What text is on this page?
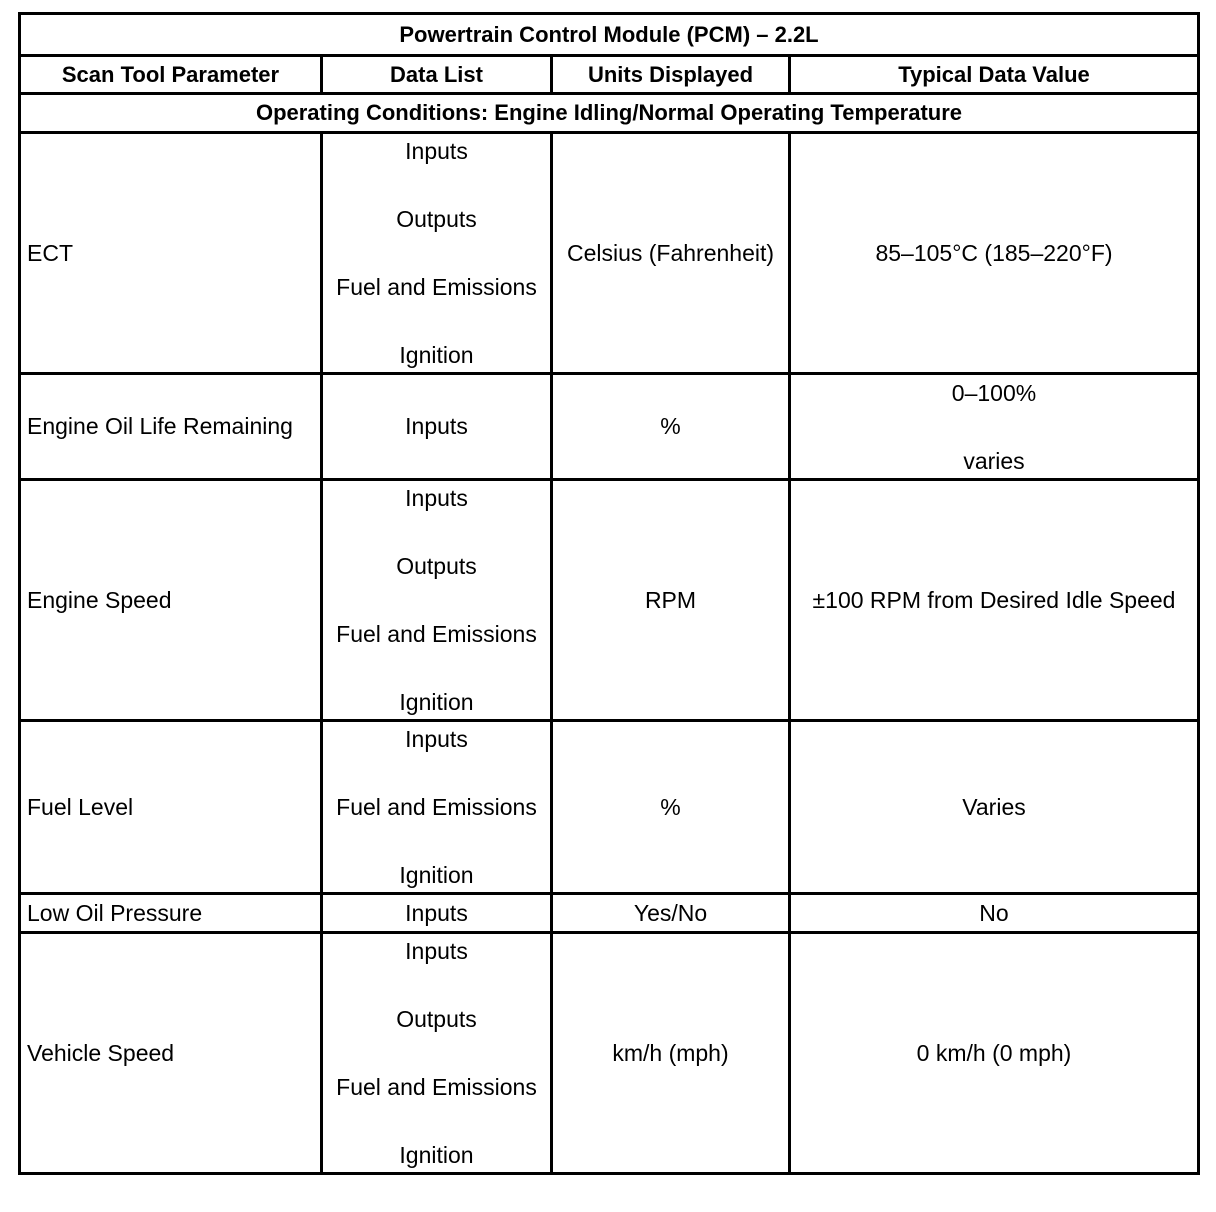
Powertrain Control Module (PCM) – 2.2L			
Scan Tool Parameter	Data List	Units Displayed	Typical Data Value
Operating Conditions: Engine Idling/Normal Operating Temperature			
ECT	Inputs
Outputs
Fuel and Emissions
Ignition	Celsius (Fahrenheit)	85–105°C (185–220°F)
Engine Oil Life Remaining	Inputs	%	0–100%
varies

Engine Speed	Inputs
Outputs
Fuel and Emissions
Ignition	RPM	±100 RPM from Desired Idle Speed
Fuel Level	Inputs
Fuel and Emissions
Ignition	%	Varies
Low Oil Pressure	Inputs	Yes/No	No
Vehicle Speed	Inputs
Outputs
Fuel and Emissions
Ignition	km/h (mph)	0 km/h (0 mph)
